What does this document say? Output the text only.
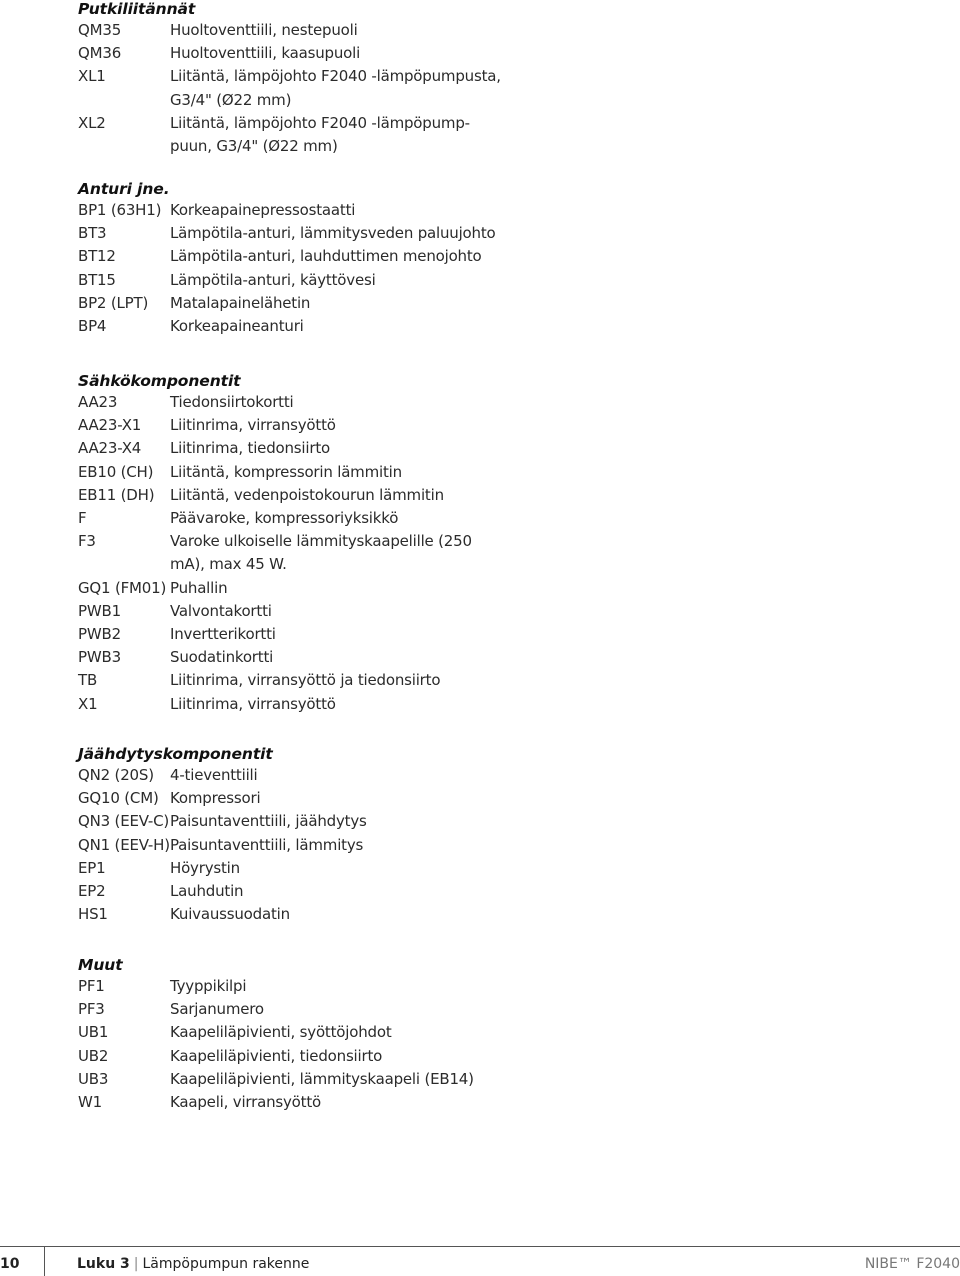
Putkiliitännät
QM35	Huoltoventtiili, nestepuoli
QM36	Huoltoventtiili, kaasupuoli
XL1	Liitäntä, lämpöjohto F2040 -lämpöpumpusta, G3/4" (Ø22 mm)
XL2	Liitäntä, lämpöjohto F2040 -lämpöpump-puun, G3/4" (Ø22 mm)
Anturi jne.
BP1 (63H1) Korkeapainepressostaatti
BT3	Lämpötila-anturi, lämmitysveden paluujohto
BT12	Lämpötila-anturi, lauhduttimen menojohto
BT15	Lämpötila-anturi, käyttövesi
BP2 (LPT)	Matalapainelähetin
BP4	Korkeapaineanturi
Sähkökomponentit
AA23	Tiedonsiirtokortti
AA23-X1	Liitinrima, virransyöttö
AA23-X4	Liitinrima, tiedonsiirto
EB10 (CH)	Liitäntä, kompressorin lämmitin
EB11 (DH)	Liitäntä, vedenpoistokourun lämmitin
F	Päävaroke, kompressoriyksikkö
F3	Varoke ulkoiselle lämmityskaapelille (250 mA), max 45 W.
GQ1 (FM01) Puhallin
PWB1	Valvontakortti
PWB2	Invertterikortti
PWB3	Suodatinkortti
TB	Liitinrima, virransyöttö ja tiedonsiirto
X1	Liitinrima, virransyöttö
Jäähdytyskomponentit
QN2 (20S)	4-tieventtiili
GQ10 (CM) Kompressori
QN3 (EEV-C) Paisuntaventtiili, jäähdytys
QN1 (EEV-H) Paisuntaventtiili, lämmitys
EP1	Höyrystin
EP2	Lauhdutin
HS1	Kuivaussuodatin
Muut
PF1	Tyyppikilpi
PF3	Sarjanumero
UB1	Kaapeliläpivienti, syöttöjohdot
UB2	Kaapeliläpivienti, tiedonsiirto
UB3	Kaapeliläpivienti, lämmityskaapeli (EB14)
W1	Kaapeli, virransyöttö
10	Luku 3 | Lämpöpumpun rakenne	NIBE™ F2040
